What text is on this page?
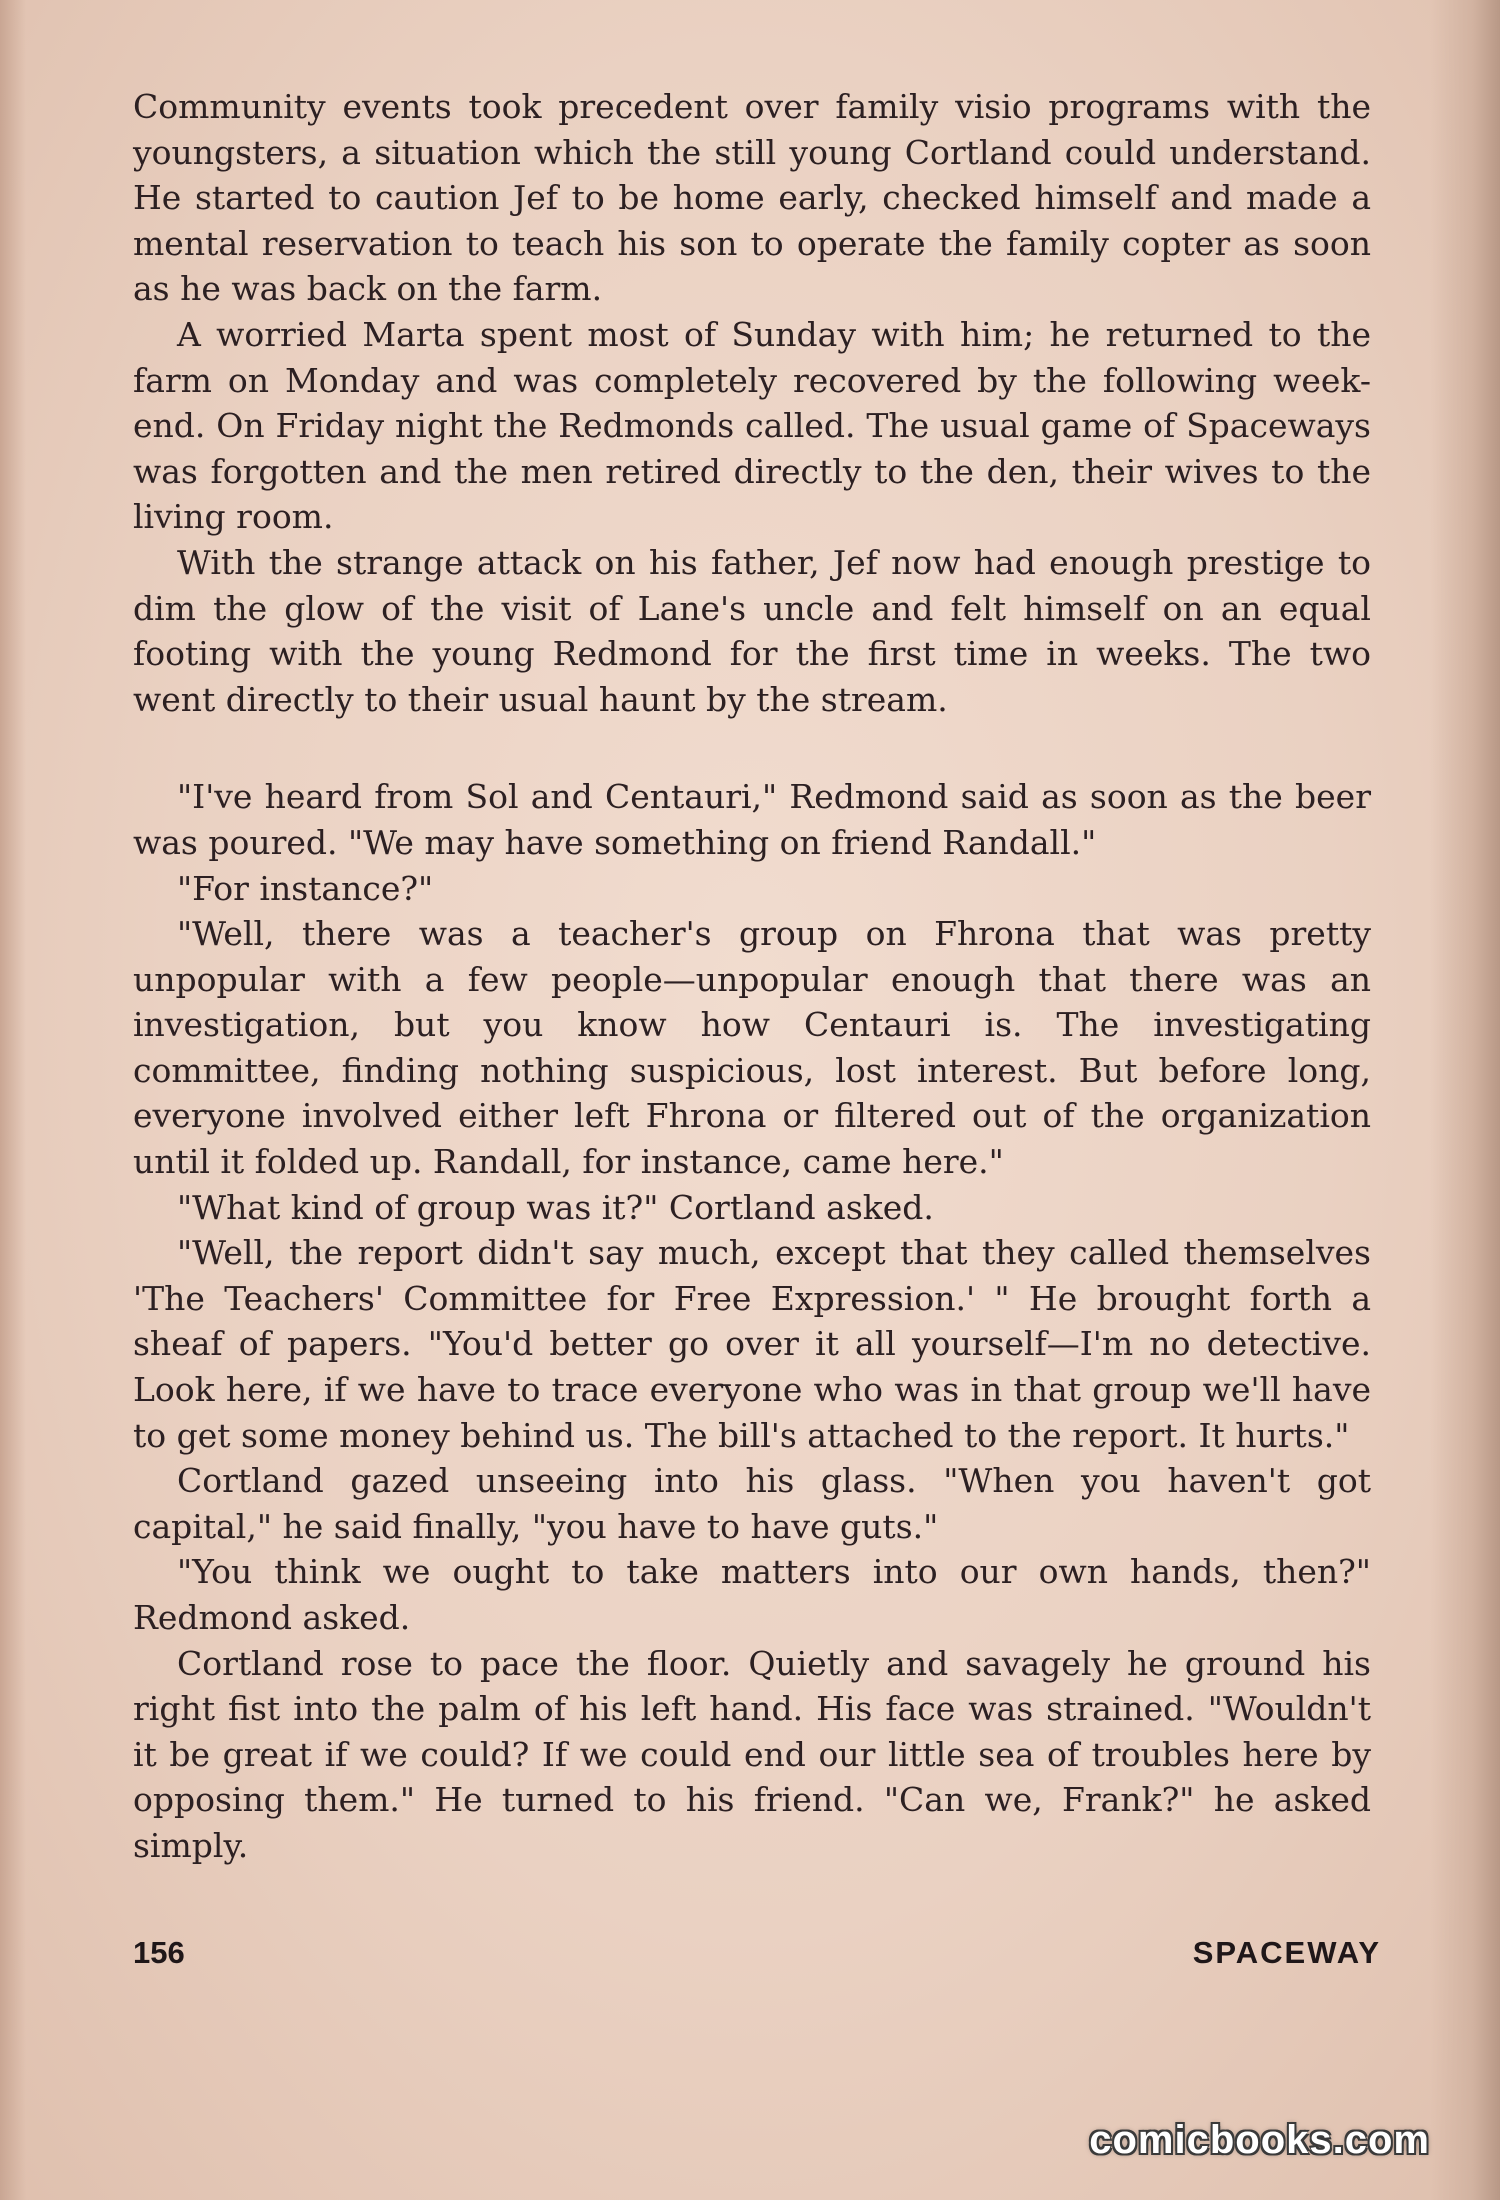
Community events took precedent over family visio programs with the youngsters, a situation which the still young Cortland could understand. He started to caution Jef to be home early, checked himself and made a mental reservation to teach his son to operate the family copter as soon as he was back on the farm.

A worried Marta spent most of Sunday with him; he returned to the farm on Monday and was completely recovered by the following week-end. On Friday night the Redmonds called. The usual game of Spaceways was forgotten and the men retired directly to the den, their wives to the living room.

With the strange attack on his father, Jef now had enough prestige to dim the glow of the visit of Lane's uncle and felt himself on an equal footing with the young Redmond for the first time in weeks. The two went directly to their usual haunt by the stream.

"I've heard from Sol and Centauri," Redmond said as soon as the beer was poured. "We may have something on friend Randall."

"For instance?"

"Well, there was a teacher's group on Fhrona that was pretty unpopular with a few people—unpopular enough that there was an investigation, but you know how Centauri is. The investigating committee, finding nothing suspicious, lost interest. But before long, everyone involved either left Fhrona or filtered out of the organization until it folded up. Randall, for instance, came here."

"What kind of group was it?" Cortland asked.

"Well, the report didn't say much, except that they called themselves 'The Teachers' Committee for Free Expression.' " He brought forth a sheaf of papers. "You'd better go over it all yourself—I'm no detective. Look here, if we have to trace everyone who was in that group we'll have to get some money behind us. The bill's attached to the report. It hurts."

Cortland gazed unseeing into his glass. "When you haven't got capital," he said finally, "you have to have guts."

"You think we ought to take matters into our own hands, then?" Redmond asked.

Cortland rose to pace the floor. Quietly and savagely he ground his right fist into the palm of his left hand. His face was strained. "Wouldn't it be great if we could? If we could end our little sea of troubles here by opposing them." He turned to his friend. "Can we, Frank?" he asked simply.

156	SPACEWAY
comicbooks.com
